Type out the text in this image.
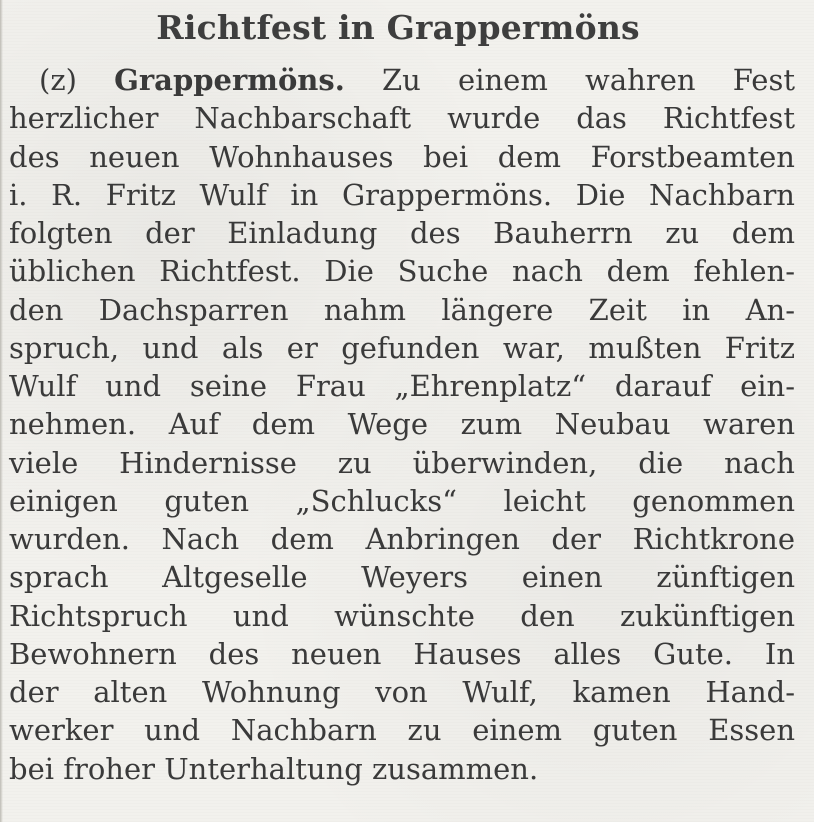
Richtfest in Grappermöns
(z) Grappermöns. Zu einem wahren Fest
herzlicher Nachbarschaft wurde das Richtfest
des neuen Wohnhauses bei dem Forstbeamten
i. R. Fritz Wulf in Grappermöns. Die Nachbarn
folgten der Einladung des Bauherrn zu dem
üblichen Richtfest. Die Suche nach dem fehlen-
den Dachsparren nahm längere Zeit in An-
spruch, und als er gefunden war, mußten Fritz
Wulf und seine Frau „Ehrenplatz“ darauf ein-
nehmen. Auf dem Wege zum Neubau waren
viele Hindernisse zu überwinden, die nach
einigen guten „Schlucks“ leicht genommen
wurden. Nach dem Anbringen der Richtkrone
sprach Altgeselle Weyers einen zünftigen
Richtspruch und wünschte den zukünftigen
Bewohnern des neuen Hauses alles Gute. In
der alten Wohnung von Wulf, kamen Hand-
werker und Nachbarn zu einem guten Essen
bei froher Unterhaltung zusammen.
